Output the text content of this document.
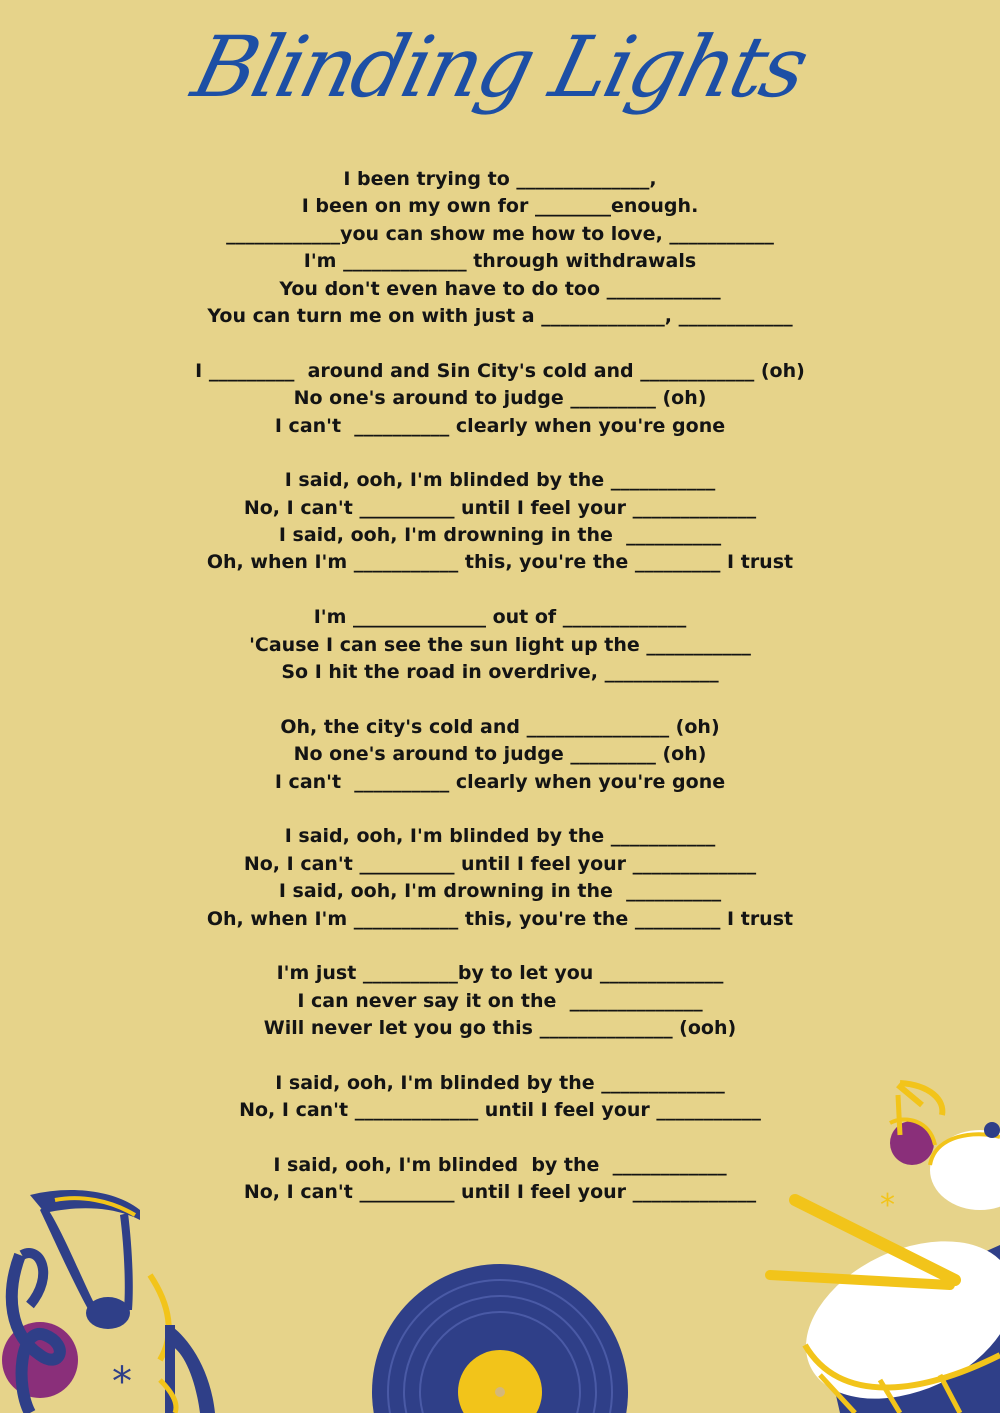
Blinding Lights
I been trying to ______________,
I been on my own for ________enough.
____________you can show me how to love, ___________
I'm _____________ through withdrawals
You don't even have to do too ____________
You can turn me on with just a _____________, ____________
I _________  around and Sin City's cold and ____________ (oh)
No one's around to judge _________ (oh)
I can't  __________ clearly when you're gone
I said, ooh, I'm blinded by the ___________
No, I can't __________ until I feel your _____________
I said, ooh, I'm drowning in the  __________
Oh, when I'm ___________ this, you're the _________ I trust
I'm ______________ out of _____________
'Cause I can see the sun light up the ___________
So I hit the road in overdrive, ____________
Oh, the city's cold and _______________ (oh)
No one's around to judge _________ (oh)
I can't  __________ clearly when you're gone
I said, ooh, I'm blinded by the ___________
No, I can't __________ until I feel your _____________
I said, ooh, I'm drowning in the  __________
Oh, when I'm ___________ this, you're the _________ I trust
I'm just __________by to let you _____________
I can never say it on the  ______________
Will never let you go this ______________ (ooh)
I said, ooh, I'm blinded by the _____________
No, I can't _____________ until I feel your ___________
I said, ooh, I'm blinded  by the  ____________
No, I can't __________ until I feel your _____________
*
*
